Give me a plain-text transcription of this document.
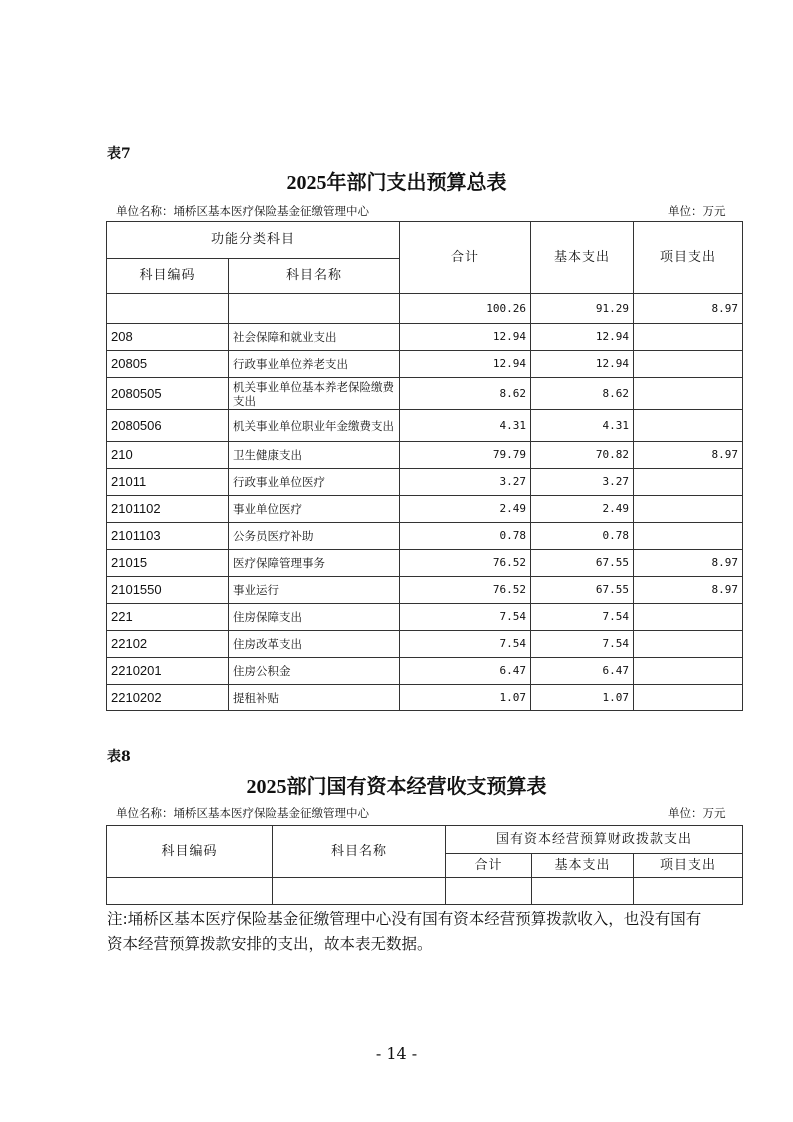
表7
2025年部门支出预算总表
单位名称：埇桥区基本医疗保险基金征缴管理中心	单位：万元
功能分类科目		合计	基本支出	项目支出
科目编码	科目名称			
		100.26	91.29	8.97
208	社会保障和就业支出	12.94	12.94	
20805	行政事业单位养老支出	12.94	12.94	
2080505	机关事业单位基本养老保险缴费支出	8.62	8.62	
2080506	机关事业单位职业年金缴费支出	4.31	4.31	
210	卫生健康支出	79.79	70.82	8.97
21011	行政事业单位医疗	3.27	3.27	
2101102	事业单位医疗	2.49	2.49	
2101103	公务员医疗补助	0.78	0.78	
21015	医疗保障管理事务	76.52	67.55	8.97
2101550	事业运行	76.52	67.55	8.97
221	住房保障支出	7.54	7.54	
22102	住房改革支出	7.54	7.54	
2210201	住房公积金	6.47	6.47	
2210202	提租补贴	1.07	1.07	
表8
2025部门国有资本经营收支预算表
单位名称：埇桥区基本医疗保险基金征缴管理中心	单位：万元
科目编码	科目名称	国有资本经营预算财政拨款支出		
		合计	基本支出	项目支出

注:埇桥区基本医疗保险基金征缴管理中心没有国有资本经营预算拨款收入，也没有国有资本经营预算拨款安排的支出，故本表无数据。
- 14 -
